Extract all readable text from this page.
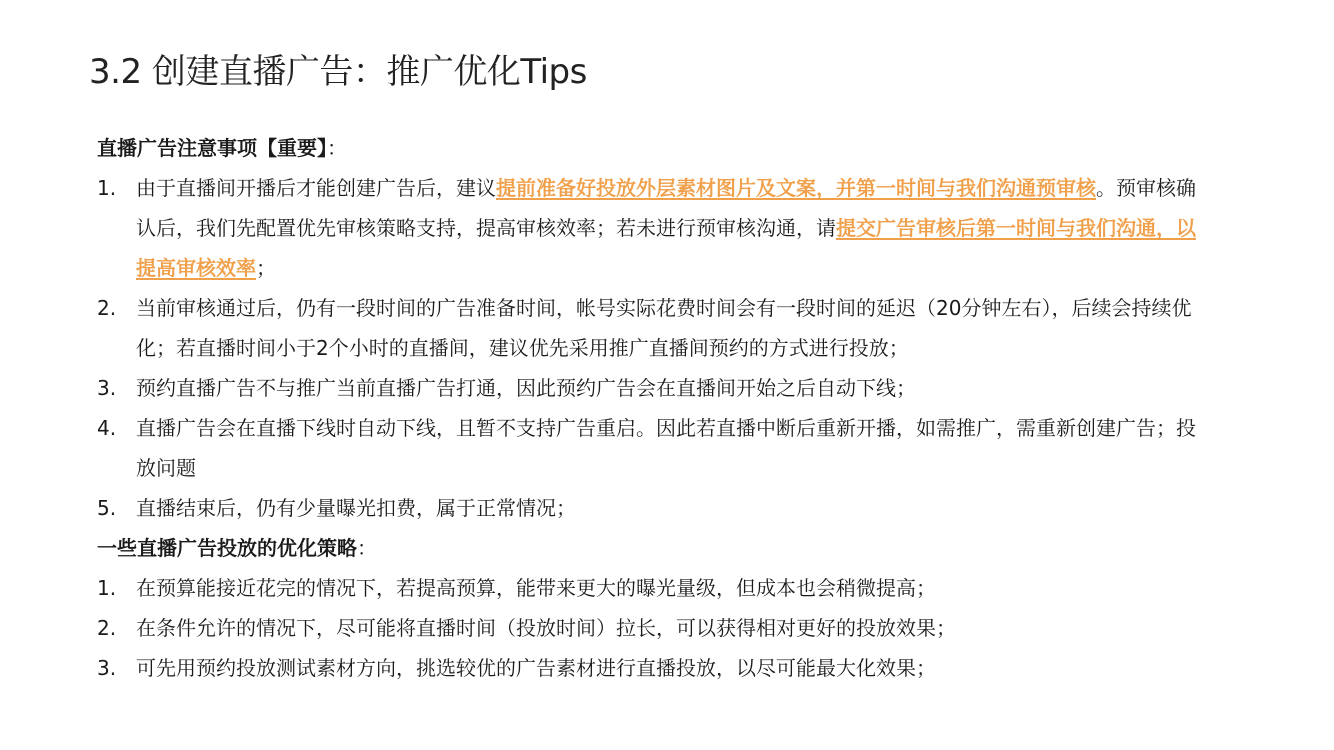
3.2 创建直播广告：推广优化Tips
直播广告注意事项【重要】：
1. 由于直播间开播后才能创建广告后，建议提前准备好投放外层素材图片及文案，并第一时间与我们沟通预审核。预审核确认后，我们先配置优先审核策略支持，提高审核效率；若未进行预审核沟通，请提交广告审核后第一时间与我们沟通，以提高审核效率；
2. 当前审核通过后，仍有一段时间的广告准备时间，帐号实际花费时间会有一段时间的延迟（20分钟左右），后续会持续优化；若直播时间小于2个小时的直播间，建议优先采用推广直播间预约的方式进行投放；
3. 预约直播广告不与推广当前直播广告打通，因此预约广告会在直播间开始之后自动下线；
4. 直播广告会在直播下线时自动下线，且暂不支持广告重启。因此若直播中断后重新开播，如需推广，需重新创建广告；投放问题
5. 直播结束后，仍有少量曝光扣费，属于正常情况；
一些直播广告投放的优化策略：
1. 在预算能接近花完的情况下，若提高预算，能带来更大的曝光量级，但成本也会稍微提高；
2. 在条件允许的情况下，尽可能将直播时间（投放时间）拉长，可以获得相对更好的投放效果；
3. 可先用预约投放测试素材方向，挑选较优的广告素材进行直播投放，以尽可能最大化效果；
